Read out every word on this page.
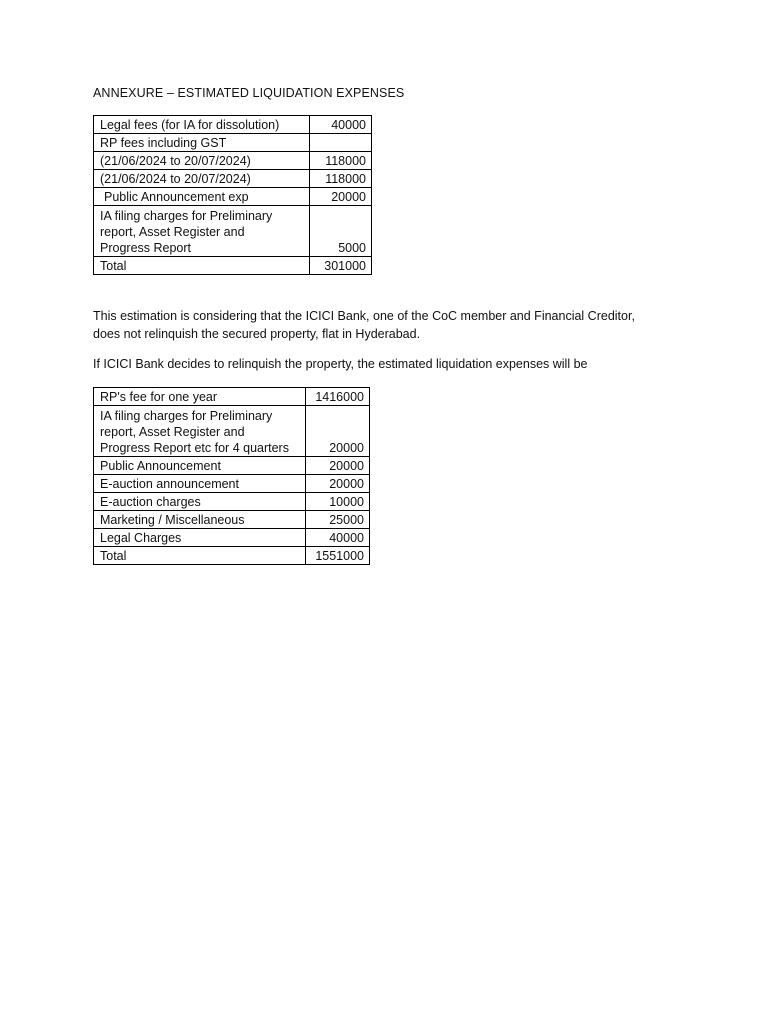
ANNEXURE – ESTIMATED LIQUIDATION EXPENSES

Legal fees (for IA for dissolution)	40000
RP fees including GST	
(21/06/2024 to 20/07/2024)	118000
(21/06/2024 to 20/07/2024)	118000
Public Announcement exp	20000
IA filing charges for Preliminary
report, Asset Register and
Progress Report	5000
Total	301000

This estimation is considering that the ICICI Bank, one of the CoC member and Financial Creditor,
does not relinquish the secured property, flat in Hyderabad.

If ICICI Bank decides to relinquish the property, the estimated liquidation expenses will be

RP's fee for one year	1416000
IA filing charges for Preliminary
report, Asset Register and
Progress Report etc for 4 quarters	20000
Public Announcement	20000
E-auction announcement	20000
E-auction charges	10000
Marketing / Miscellaneous	25000
Legal Charges	40000
Total	1551000
